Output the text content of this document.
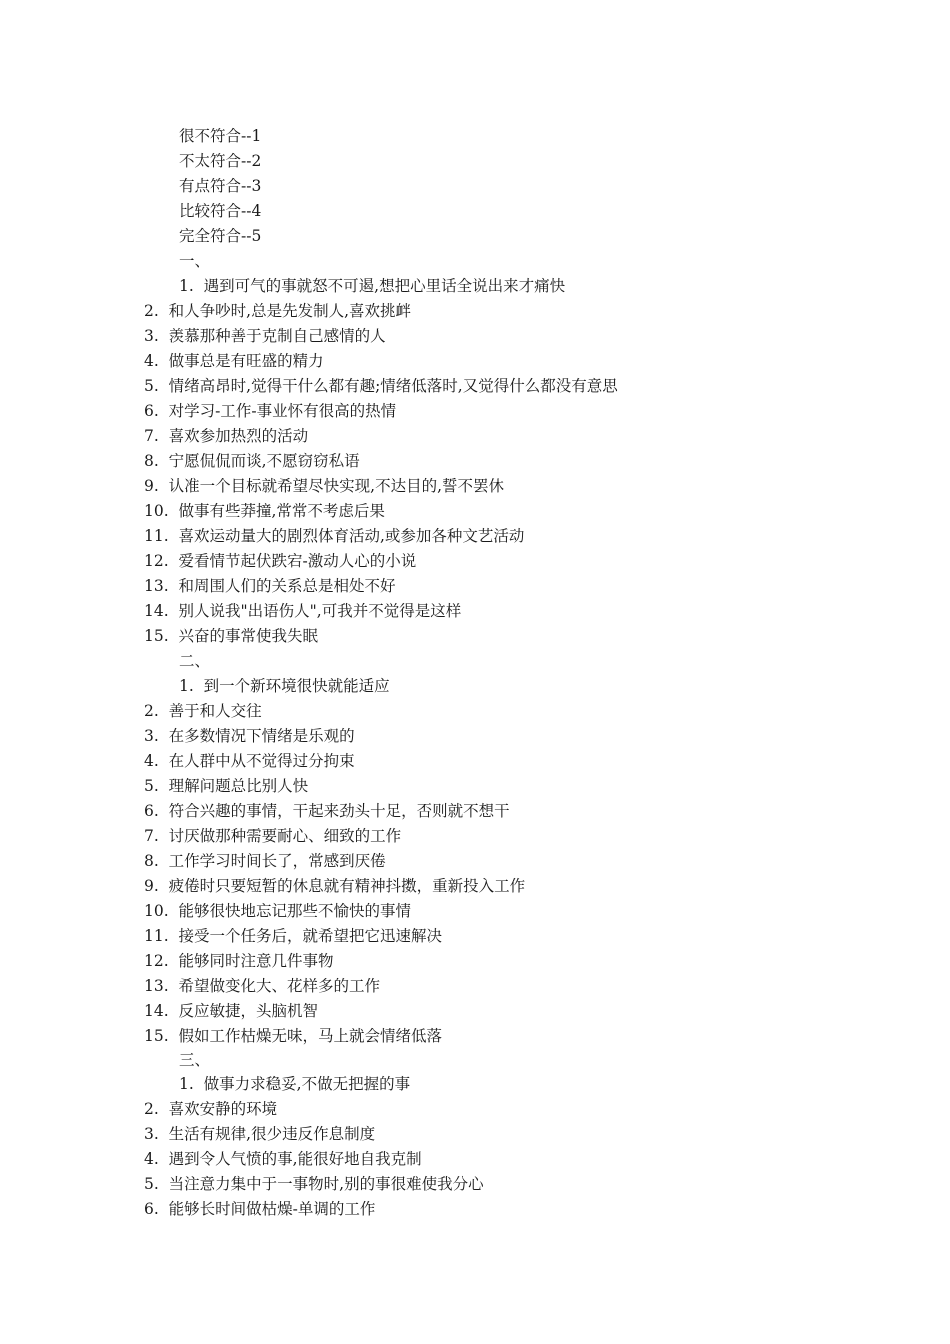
很不符合--1
不太符合--2
有点符合--3
比较符合--4
完全符合--5
一、
1.  遇到可气的事就怒不可遏,想把心里话全说出来才痛快
2.  和人争吵时,总是先发制人,喜欢挑衅
3.  羡慕那种善于克制自己感情的人
4.  做事总是有旺盛的精力
5.  情绪高昂时,觉得干什么都有趣;情绪低落时,又觉得什么都没有意思
6.  对学习-工作-事业怀有很高的热情
7.  喜欢参加热烈的活动
8.  宁愿侃侃而谈,不愿窃窃私语
9.  认准一个目标就希望尽快实现,不达目的,誓不罢休
10.  做事有些莽撞,常常不考虑后果
11.  喜欢运动量大的剧烈体育活动,或参加各种文艺活动
12.  爱看情节起伏跌宕-激动人心的小说
13.  和周围人们的关系总是相处不好
14.  别人说我"出语伤人",可我并不觉得是这样
15.  兴奋的事常使我失眠
二、
1.  到一个新环境很快就能适应
2.  善于和人交往
3.  在多数情况下情绪是乐观的
4.  在人群中从不觉得过分拘束
5.  理解问题总比别人快
6.  符合兴趣的事情，干起来劲头十足，否则就不想干
7.  讨厌做那种需要耐心、细致的工作
8.  工作学习时间长了，常感到厌倦
9.  疲倦时只要短暂的休息就有精神抖擞，重新投入工作
10.  能够很快地忘记那些不愉快的事情
11.  接受一个任务后，就希望把它迅速解决
12.  能够同时注意几件事物
13.  希望做变化大、花样多的工作
14.  反应敏捷，头脑机智
15.  假如工作枯燥无味，马上就会情绪低落
三、
1.  做事力求稳妥,不做无把握的事
2.  喜欢安静的环境
3.  生活有规律,很少违反作息制度
4.  遇到令人气愤的事,能很好地自我克制
5.  当注意力集中于一事物时,别的事很难使我分心
6.  能够长时间做枯燥-单调的工作
